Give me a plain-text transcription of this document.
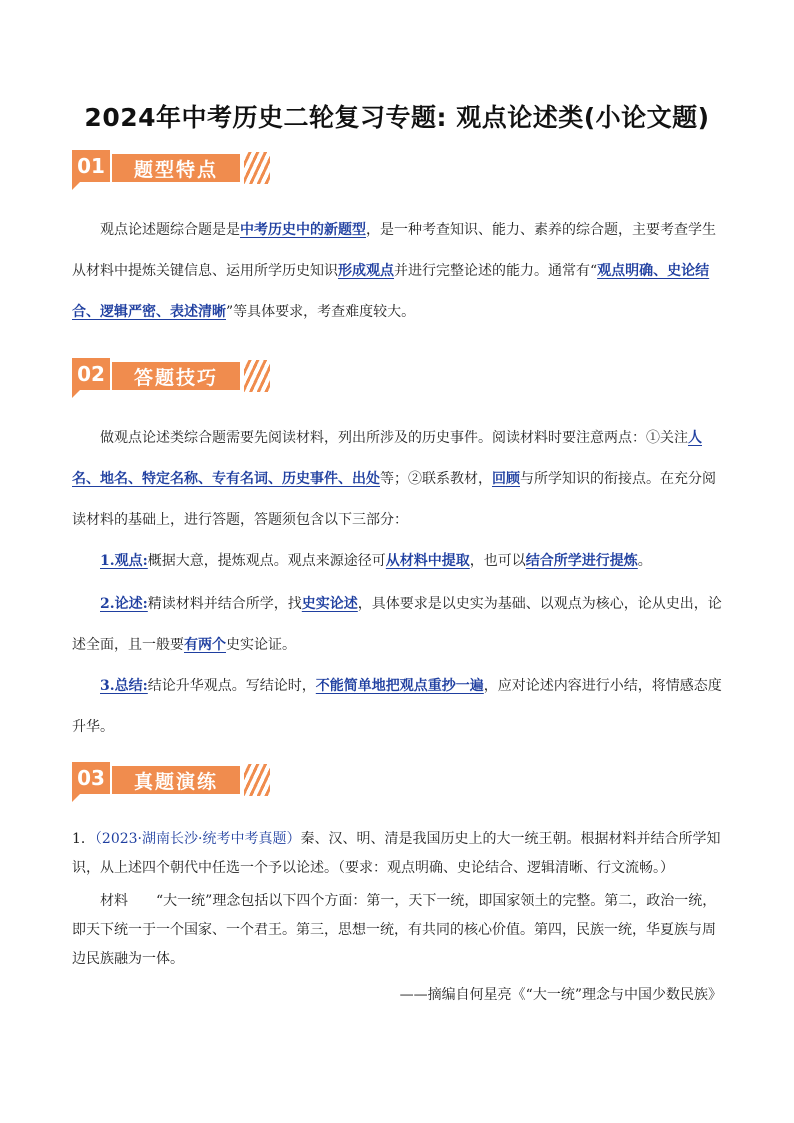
2024年中考历史二轮复习专题: 观点论述类(小论文题)
01	题型特点
观点论述题综合题是是中考历史中的新题型，是一种考查知识、能力、素养的综合题，主要考查学生从材料中提炼关键信息、运用所学历史知识形成观点并进行完整论述的能力。通常有“观点明确、史论结合、逻辑严密、表述清晰”等具体要求，考查难度较大。
02	答题技巧
做观点论述类综合题需要先阅读材料，列出所涉及的历史事件。阅读材料时要注意两点：①关注人名、地名、特定名称、专有名词、历史事件、出处等；②联系教材，回顾与所学知识的衔接点。在充分阅读材料的基础上，进行答题，答题须包含以下三部分：
1.观点:概据大意，提炼观点。观点来源途径可从材料中提取，也可以结合所学进行提炼。
2.论述:精读材料并结合所学，找史实论述，具体要求是以史实为基础、以观点为核心，论从史出，论述全面，且一般要有两个史实论证。
3.总结:结论升华观点。写结论时，不能简单地把观点重抄一遍，应对论述内容进行小结，将情感态度升华。
03	真题演练
1．（2023·湖南长沙·统考中考真题）秦、汉、明、清是我国历史上的大一统王朝。根据材料并结合所学知识，从上述四个朝代中任选一个予以论述。（要求：观点明确、史论结合、逻辑清晰、行文流畅。）
材料　　“大一统”理念包括以下四个方面：第一，天下一统，即国家领土的完整。第二，政治一统，即天下统一于一个国家、一个君王。第三，思想一统，有共同的核心价值。第四，民族一统，华夏族与周边民族融为一体。
——摘编自何星亮《“大一统”理念与中国少数民族》
